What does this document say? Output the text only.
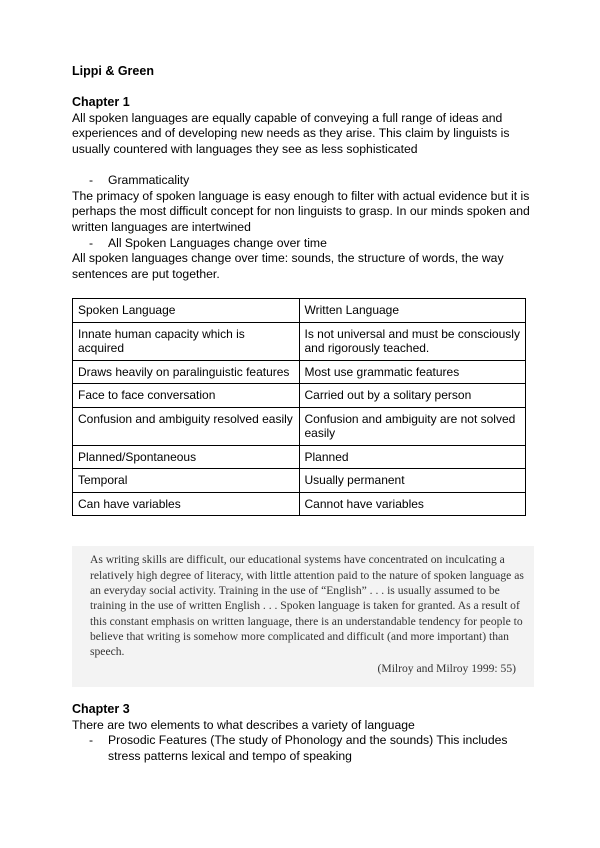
Lippi & Green
Chapter 1
All spoken languages are equally capable of conveying a full range of ideas and experiences and of developing new needs as they arise. This claim by linguists is usually countered with languages they see as less sophisticated
- Grammaticality
The primacy of spoken language is easy enough to filter with actual evidence but it is perhaps the most difficult concept for non linguists to grasp. In our minds spoken and written languages are intertwined
- All Spoken Languages change over time
All spoken languages change over time: sounds, the structure of words, the way sentences are put together.
Spoken Language	Written Language
Innate human capacity which is acquired	Is not universal and must be consciously and rigorously teached.
Draws heavily on paralinguistic features	Most use grammatic features
Face to face conversation	Carried out by a solitary person
Confusion and ambiguity resolved easily	Confusion and ambiguity are not solved easily
Planned/Spontaneous	Planned
Temporal	Usually permanent
Can have variables	Cannot have variables
As writing skills are difficult, our educational systems have concentrated on inculcating a relatively high degree of literacy, with little attention paid to the nature of spoken language as an everyday social activity. Training in the use of “English” . . . is usually assumed to be training in the use of written English . . . Spoken language is taken for granted. As a result of this constant emphasis on written language, there is an understandable tendency for people to believe that writing is somehow more complicated and difficult (and more important) than speech.
(Milroy and Milroy 1999: 55)
Chapter 3
There are two elements to what describes a variety of language
- Prosodic Features (The study of Phonology and the sounds) This includes stress patterns lexical and tempo of speaking
